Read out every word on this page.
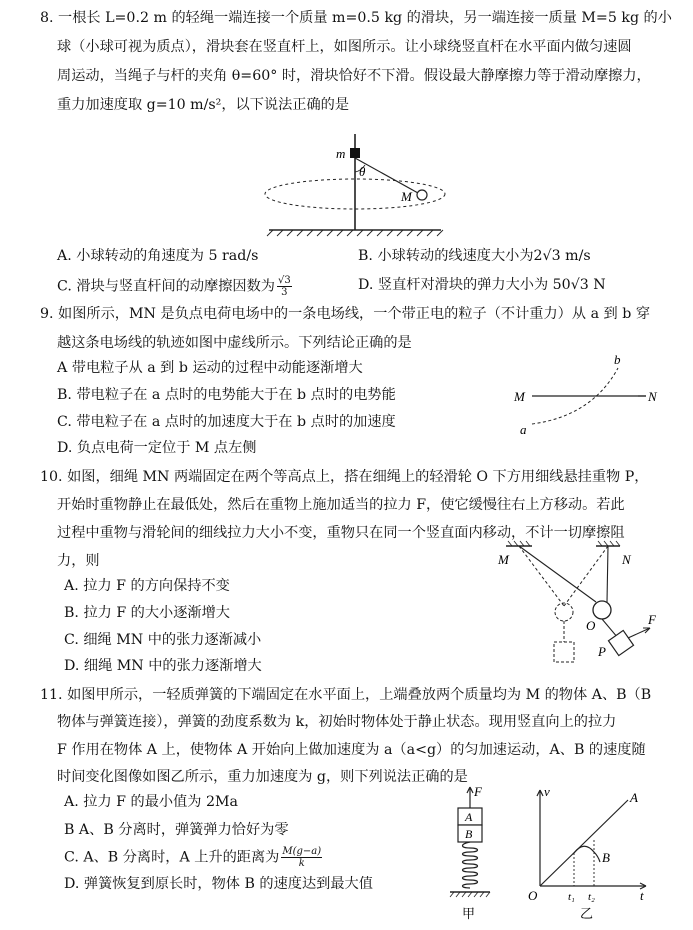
8. 一根长 L=0.2 m 的轻绳一端连接一个质量 m=0.5 kg 的滑块，另一端连接一质量 M=5 kg 的小
球（小球可视为质点），滑块套在竖直杆上，如图所示。让小球绕竖直杆在水平面内做匀速圆
周运动，当绳子与杆的夹角 θ=60° 时，滑块恰好不下滑。假设最大静摩擦力等于滑动摩擦力，
重力加速度取 g=10 m/s²，以下说法正确的是
m
θ
M
A. 小球转动的角速度为 5 rad/s	B. 小球转动的线速度大小为2√3 m/s
C. 滑块与竖直杆间的动摩擦因数为 $\frac{√3}{3}$	D. 竖直杆对滑块的弹力大小为 50√3 N
9. 如图所示，MN 是负点电荷电场中的一条电场线，一个带正电的粒子（不计重力）从 a 到 b 穿
越这条电场线的轨迹如图中虚线所示。下列结论正确的是
A 带电粒子从 a 到 b 运动的过程中动能逐渐增大
B. 带电粒子在 a 点时的电势能大于在 b 点时的电势能
C. 带电粒子在 a 点时的加速度大于在 b 点时的加速度
D. 负点电荷一定位于 M 点左侧
M	N
a
b
10. 如图，细绳 MN 两端固定在两个等高点上，搭在细绳上的轻滑轮 O 下方用细线悬挂重物 P，
开始时重物静止在最低处，然后在重物上施加适当的拉力 F，使它缓慢往右上方移动。若此
过程中重物与滑轮间的细线拉力大小不变，重物只在同一个竖直面内移动，不计一切摩擦阻
力，则
A. 拉力 F 的方向保持不变
B. 拉力 F 的大小逐渐增大
C. 细绳 MN 中的张力逐渐减小
D. 细绳 MN 中的张力逐渐增大
M	N
O
P
F
11. 如图甲所示，一轻质弹簧的下端固定在水平面上，上端叠放两个质量均为 M 的物体 A、B（B
物体与弹簧连接），弹簧的劲度系数为 k，初始时物体处于静止状态。现用竖直向上的拉力
F 作用在物体 A 上，使物体 A 开始向上做加速度为 a（a<g）的匀加速运动，A、B 的速度随
时间变化图像如图乙所示，重力加速度为 g，则下列说法正确的是
A. 拉力 F 的最小值为 2Ma
B A、B 分离时，弹簧弹力恰好为零
C. A、B 分离时，A 上升的距离为 $\frac{M(g-a)}{k}$
D. 弹簧恢复到原长时，物体 B 的速度达到最大值
F
A
B
甲
v
t
O	t₁ t₂
A
B
乙
